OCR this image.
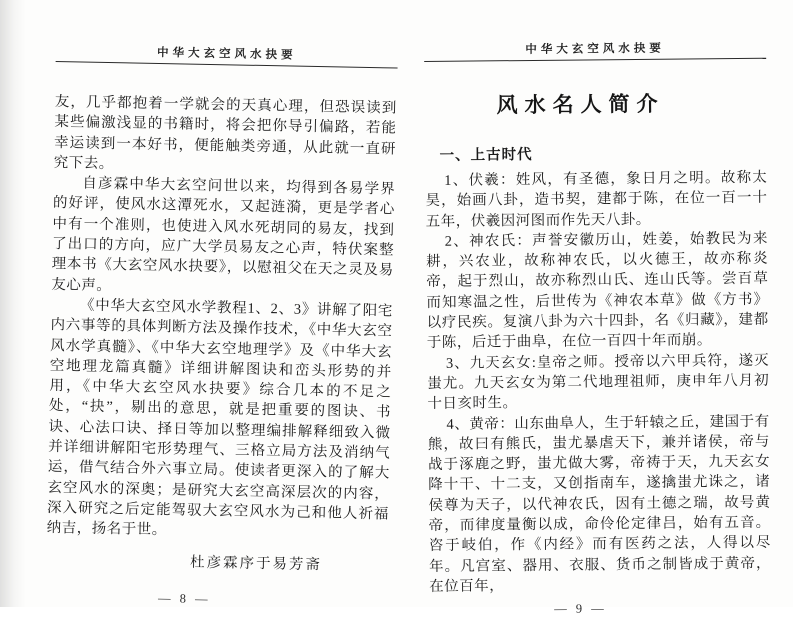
中华大玄空风水抉要

友，几乎都抱着一学就会的天真心理，但恐误读到某些偏激浅显的书籍时，将会把你导引偏路，若能幸运读到一本好书，便能触类旁通，从此就一直研究下去。

自彦霖中华大玄空问世以来，均得到各易学界的好评，使风水这潭死水，又起涟漪，更是学者心中有一个准则，也使进入风水死胡同的易友，找到了出口的方向，应广大学员易友之心声，特伏案整理本书《大玄空风水抉要》，以慰祖父在天之灵及易友心声。

《中华大玄空风水学教程1、2、3》讲解了阳宅内六事等的具体判断方法及操作技术，《中华大玄空风水学真髓》、《中华大玄空地理学》及《中华大玄空地理龙篇真髓》详细讲解图诀和峦头形势的并用，《中华大玄空风水抉要》综合几本的不足之处，“抉”，剔出的意思，就是把重要的图诀、书诀、心法口诀、择日等加以整理编排解释细致入微并详细讲解阳宅形势理气、三格立局方法及消纳气运，借气结合外六事立局。使读者更深入的了解大玄空风水的深奥；是研究大玄空高深层次的内容，深入研究之后定能驾驭大玄空风水为己和他人祈福纳吉，扬名于世。

杜彦霖序于易芳斋
— 8 —
中华大玄空风水抉要
风水名人简介
一、上古时代

1、伏羲：姓风，有圣德，象日月之明。故称太昊，始画八卦，造书契，建都于陈，在位一百一十五年，伏羲因河图而作先天八卦。

2、神农氏：声誉安徽历山，姓姜，始教民为来耕，兴农业，故称神农氏，以火德王，故亦称炎帝，起于烈山，故亦称烈山氏、连山氏等。尝百草而知寒温之性，后世传为《神农本草》做《方书》以疗民疾。复演八卦为六十四卦，名《归藏》，建都于陈，后迁于曲阜，在位一百四十年而崩。

3、九天玄女:皇帝之师。授帝以六甲兵符，遂灭蚩尤。九天玄女为第二代地理祖师，庚申年八月初十日亥时生。

4、黄帝：山东曲阜人，生于轩辕之丘，建国于有熊，故曰有熊氏，蚩尤暴虐天下，兼并诸侯，帝与战于涿鹿之野，蚩尤做大雾，帝祷于天，九天玄女降十干、十二支，又创指南车，遂擒蚩尤诛之，诸侯尊为天子，以代神农氏，因有土德之瑞，故号黄帝，而律度量衡以成，命伶伦定律吕，始有五音。咨于岐伯，作《内经》而有医药之法，人得以尽年。凡宫室、器用、衣服、货币之制皆成于黄帝，在位百年，

— 9 —
